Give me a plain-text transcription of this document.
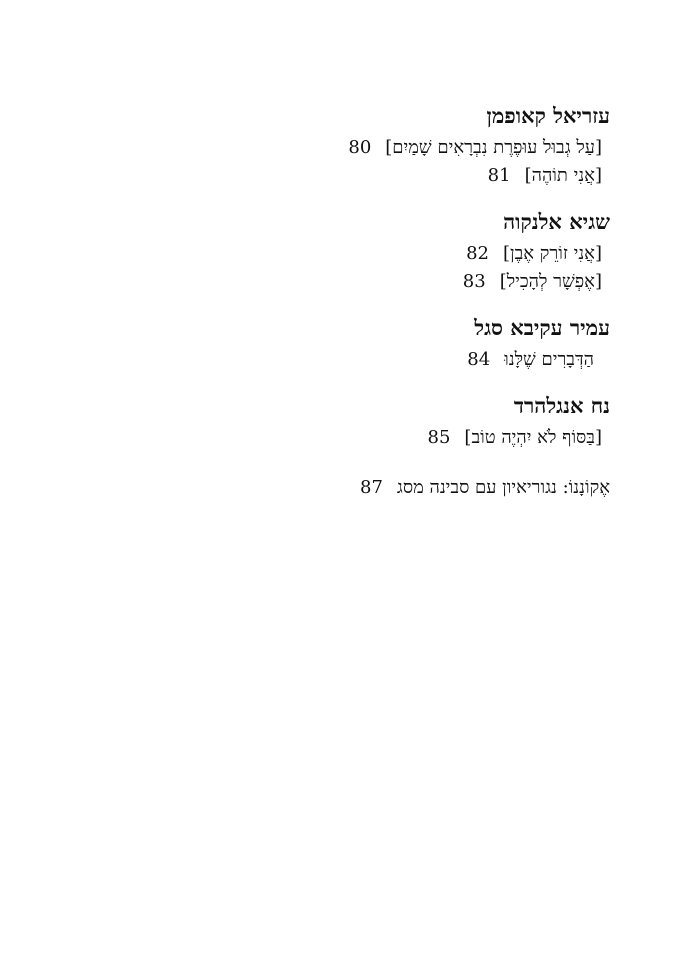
עזריאל קאופמן
[עַל גְבוּל עוּפֶרֶת נִבְרָאִים שָׁמַיִם]80
[אֲנִי תוֹהֶה]81
שגיא אלנקוה
[אֲנִי זוֹרֵק אֶבֶן]82
[אֶפְשָׁר לְהָכִיל]83
עמיר עקיבא סגל
הַדְּבָרִים שֶׁלָּנוּ84
נח אנגלהרד
[בַּסּוֹף לֹא יִהְיֶה טוֹב]85
אֶקוֹנָנוֹ: נגוריאיון עם סבינה מסג87
